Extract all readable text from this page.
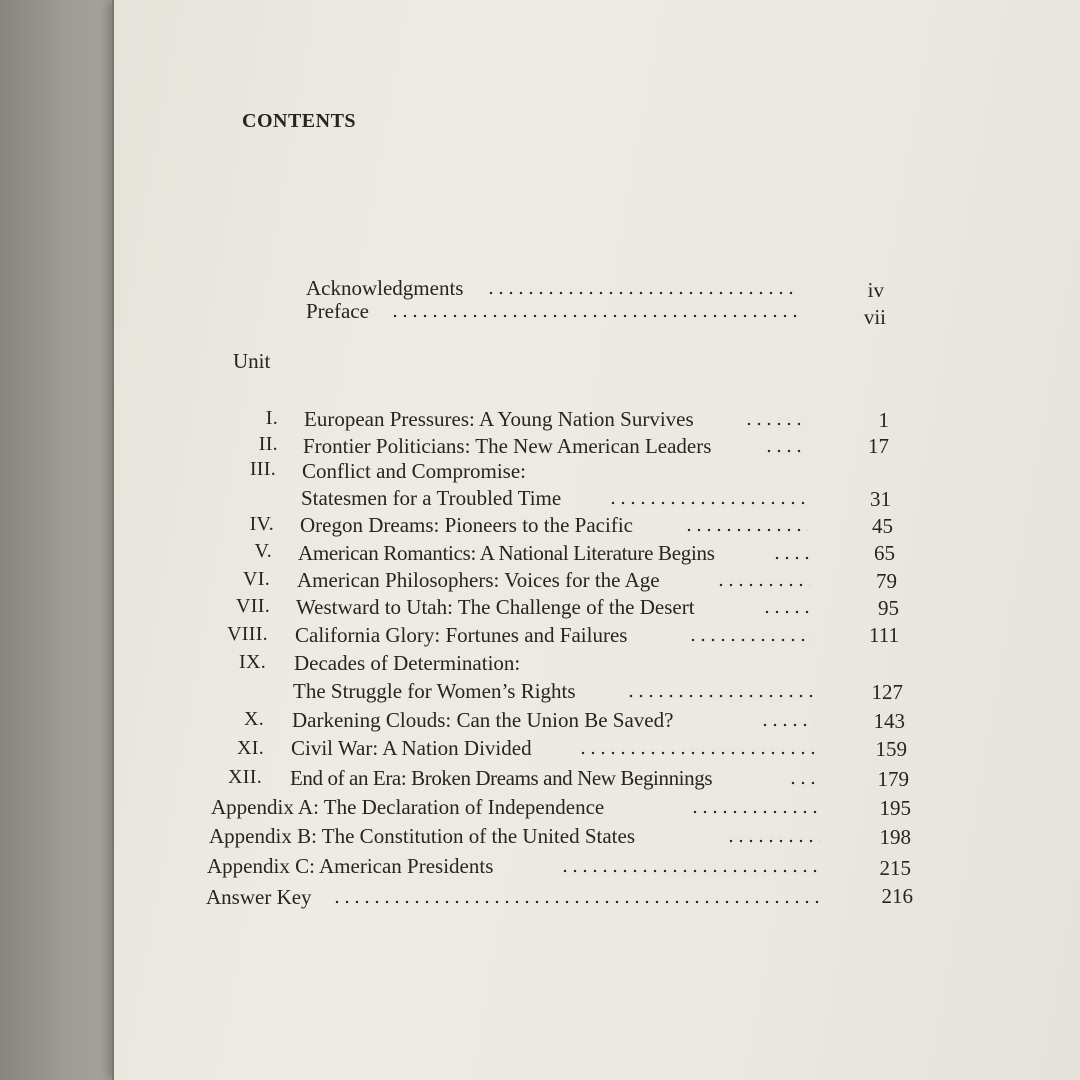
CONTENTS
Acknowledgments	iv
Preface	vii
Unit
I. European Pressures: A Young Nation Survives	1
II. Frontier Politicians: The New American Leaders	17
III. Conflict and Compromise:
Statesmen for a Troubled Time	31
IV. Oregon Dreams: Pioneers to the Pacific	45
V. American Romantics: A National Literature Begins	65
VI. American Philosophers: Voices for the Age	79
VII. Westward to Utah: The Challenge of the Desert	95
VIII. California Glory: Fortunes and Failures	111
IX. Decades of Determination:
The Struggle for Women’s Rights	127
X. Darkening Clouds: Can the Union Be Saved?	143
XI. Civil War: A Nation Divided	159
XII. End of an Era: Broken Dreams and New Beginnings	179
Appendix A: The Declaration of Independence	195
Appendix B: The Constitution of the United States	198
Appendix C: American Presidents	215
Answer Key	216
